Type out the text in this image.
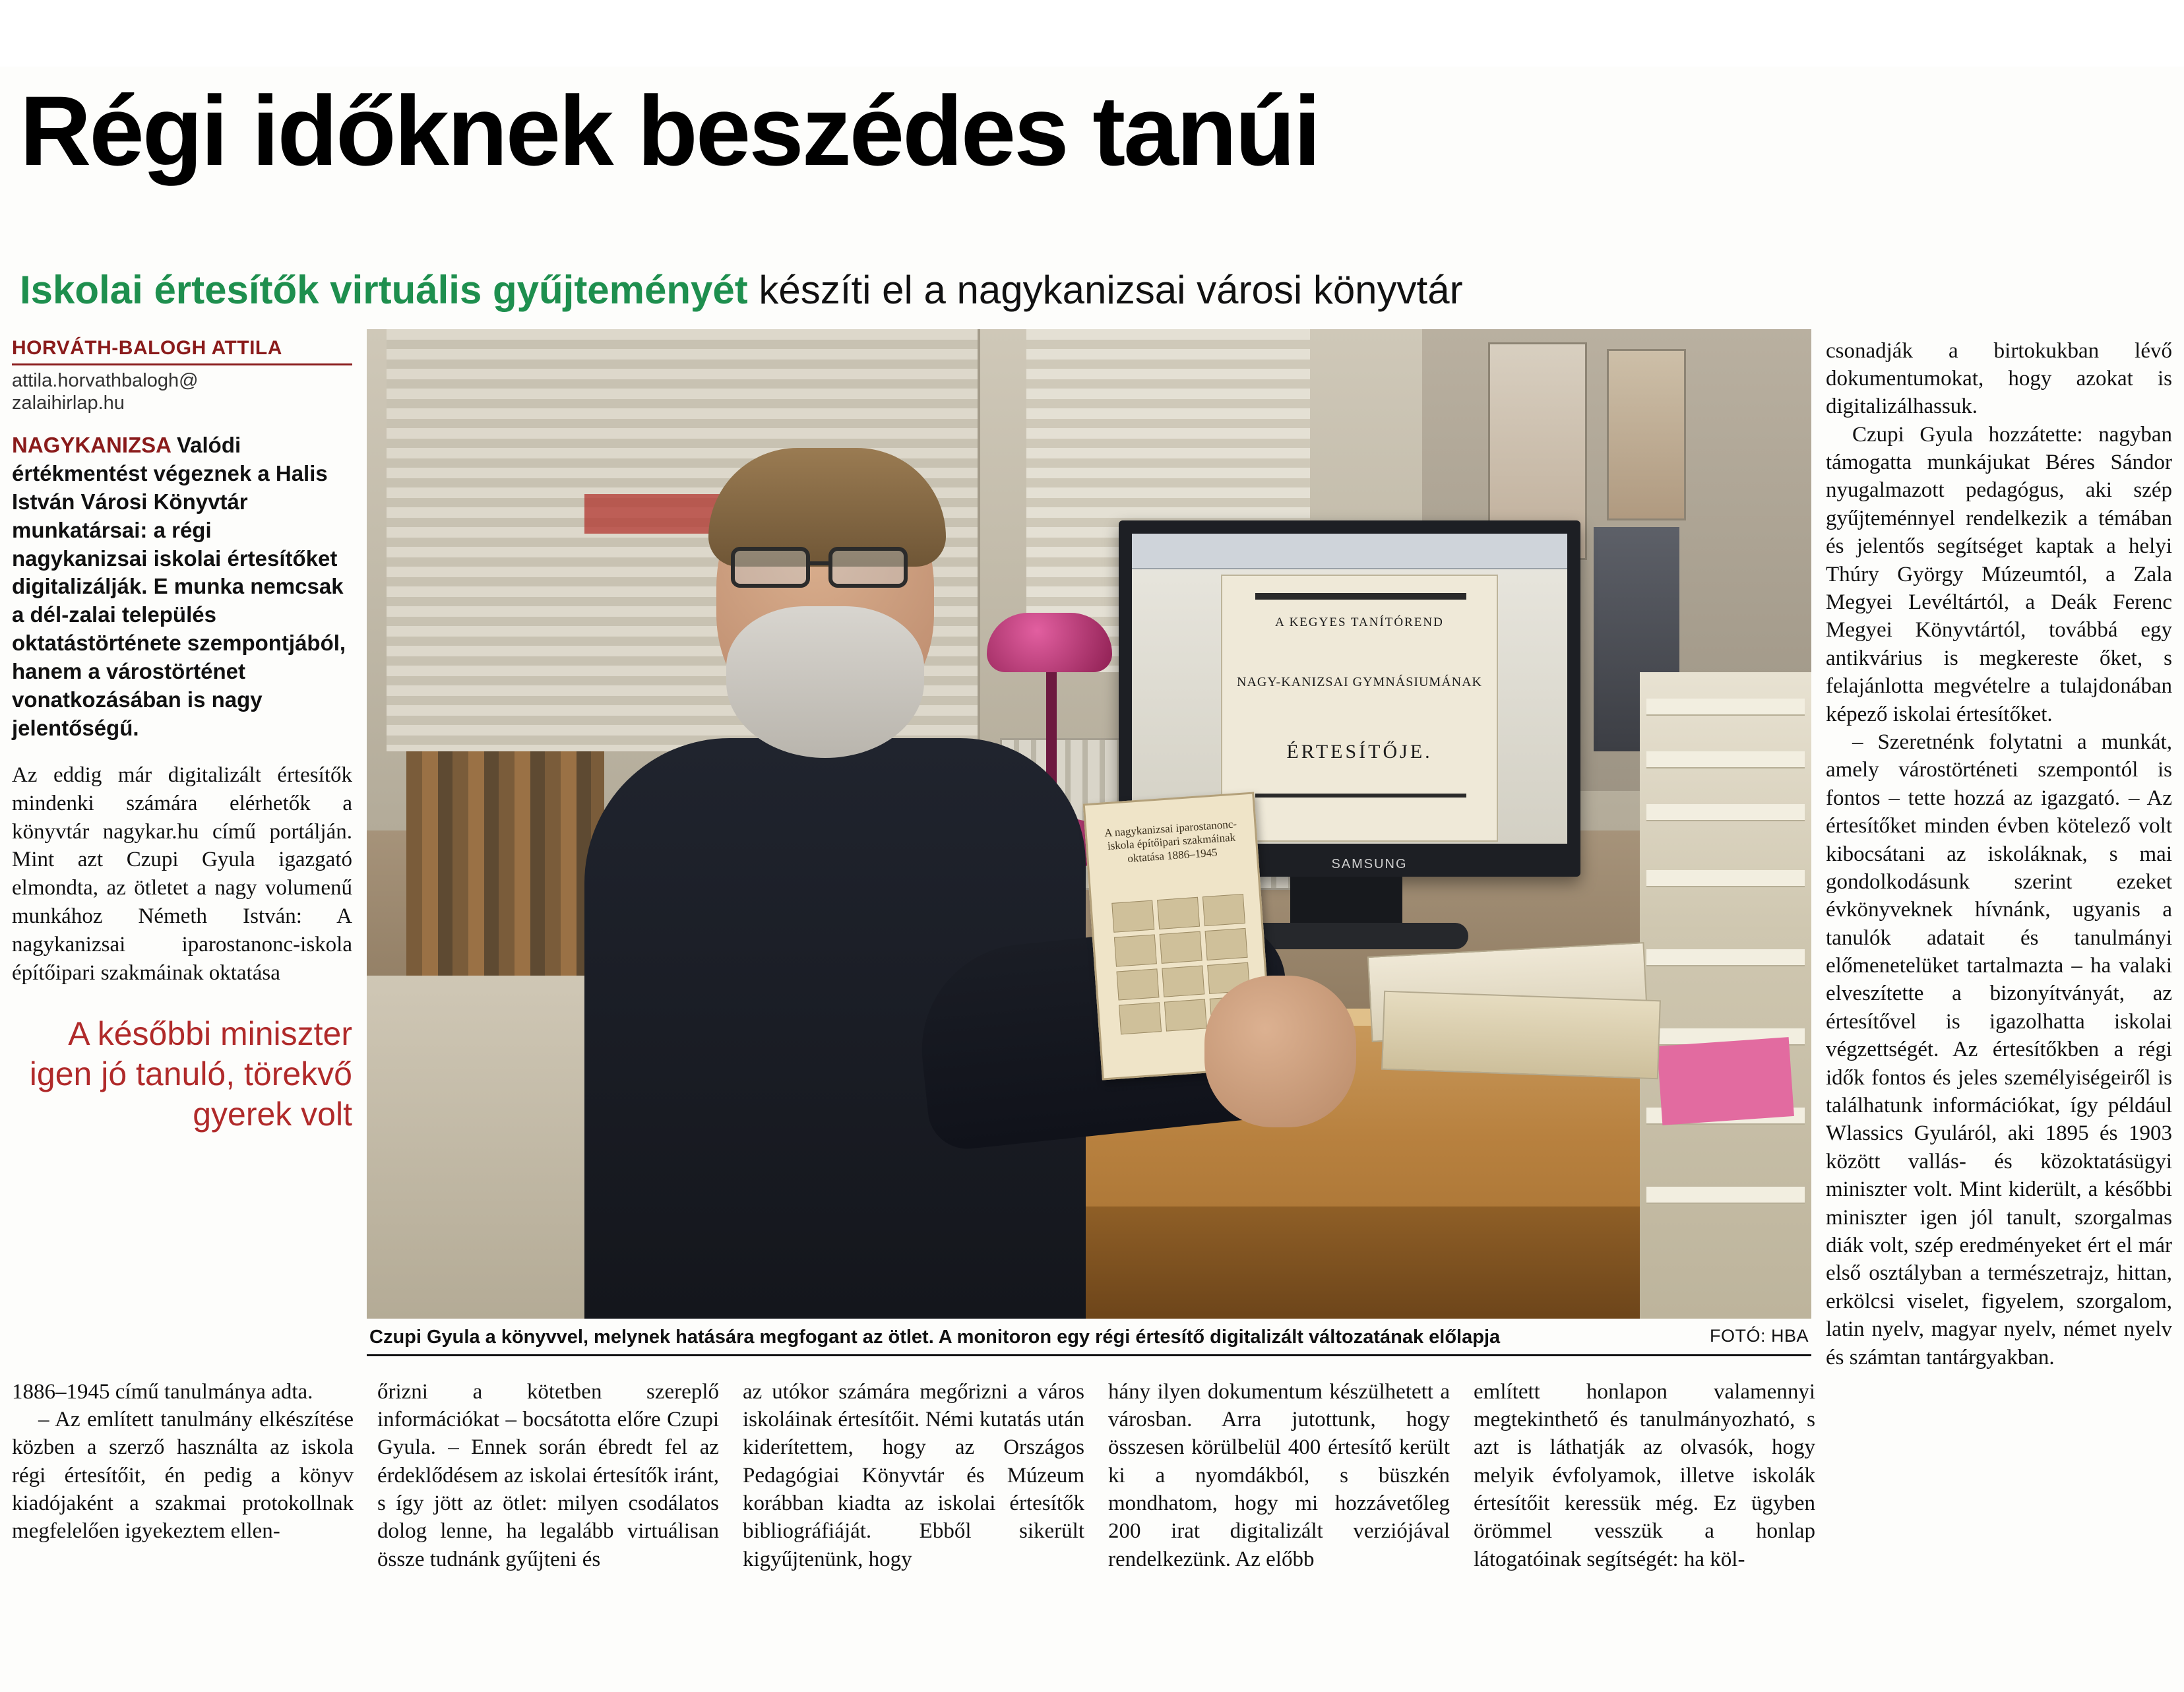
Régi időknek beszédes tanúi
Iskolai értesítők virtuális gyűjteményét készíti el a nagykanizsai városi könyvtár
HORVÁTH-BALOGH ATTILA
attila.horvathbalogh@
zalaihirlap.hu
NAGYKANIZSA Valódi értékmentést végeznek a Halis István Városi Könyvtár munkatársai: a régi nagykanizsai iskolai értesítőket digitalizálják. E munka nemcsak a dél-zalai település oktatástörténete szempontjából, hanem a várostörténet vonatkozásában is nagy jelentőségű.

Az eddig már digitalizált értesítők mindenki számára elérhetők a könyvtár nagykar.hu című portálján. Mint azt Czupi Gyula igazgató elmondta, az ötletet a nagy volumenű munkához Németh István: A nagykanizsai iparostanonc-iskola építőipari szakmáinak oktatása

A későbbi miniszter igen jó tanuló, törekvő gyerek volt
A KEGYES TANÍTÓREND
NAGY-KANIZSAI GYMNÁSIUMÁNAK
ÉRTESÍTŐJE.
SAMSUNG
A nagykanizsai iparostanonc-iskola építőipari szakmáinak oktatása 1886–1945
Czupi Gyula a könyvvel, melynek hatására megfogant az ötlet. A monitoron egy régi értesítő digitalizált változatának előlapja	FOTÓ: HBA

csonadják a birtokukban lévő dokumentumokat, hogy azokat is digitalizálhassuk.

Czupi Gyula hozzátette: nagyban támogatta munkájukat Béres Sándor nyugalmazott pedagógus, aki szép gyűjteménnyel rendelkezik a témában és jelentős segítséget kaptak a helyi Thúry György Múzeumtól, a Zala Megyei Levéltártól, a Deák Ferenc Megyei Könyvtártól, továbbá egy antikvárius is megkereste őket, s felajánlotta megvételre a tulajdonában képező iskolai értesítőket.

– Szeretnénk folytatni a munkát, amely várostörténeti szempontól is fontos – tette hozzá az igazgató. – Az értesítőket minden évben kötelező volt kibocsátani az iskoláknak, s mai gondolkodásunk szerint ezeket évkönyveknek hívnánk, ugyanis a tanulók adatait és tanulmányi előmenetelüket tartalmazta – ha valaki elveszítette a bizonyítványát, az értesítővel is igazolhatta iskolai végzettségét. Az értesítőkben a régi idők fontos és jeles személyiségeiről is találhatunk információkat, így például Wlassics Gyuláról, aki 1895 és 1903 között vallás- és közoktatásügyi miniszter volt. Mint kiderült, a későbbi miniszter igen jól tanult, szorgalmas diák volt, szép eredményeket ért el már első osztályban a természetrajz, hittan, erkölcsi viselet, figyelem, szorgalom, latin nyelv, magyar nyelv, német nyelv és számtan tantárgyakban.

1886–1945 című tanulmánya adta.

– Az említett tanulmány elkészítése közben a szerző használta az iskola régi értesítőit, én pedig a könyv kiadójaként a szakmai protokollnak megfelelően igyekeztem ellen-

őrizni a kötetben szereplő információkat – bocsátotta előre Czupi Gyula. – Ennek során ébredt fel az érdeklődésem az iskolai értesítők iránt, s így jött az ötlet: milyen csodálatos dolog lenne, ha legalább virtuálisan össze tudnánk gyűjteni és

az utókor számára megőrizni a város iskoláinak értesítőit. Némi kutatás után kiderítettem, hogy az Országos Pedagógiai Könyvtár és Múzeum korábban kiadta az iskolai értesítők bibliográfiáját. Ebből sikerült kigyűjtenünk, hogy

hány ilyen dokumentum készülhetett a városban. Arra jutottunk, hogy összesen körülbelül 400 értesítő került ki a nyomdákból, s büszkén mondhatom, hogy mi hozzávetőleg 200 irat digitalizált verziójával rendelkezünk. Az előbb

említett honlapon valamennyi megtekinthető és tanulmányozható, s azt is láthatják az olvasók, hogy melyik évfolyamok, illetve iskolák értesítőit keressük még. Ez ügyben örömmel vesszük a honlap látogatóinak segítségét: ha köl-
